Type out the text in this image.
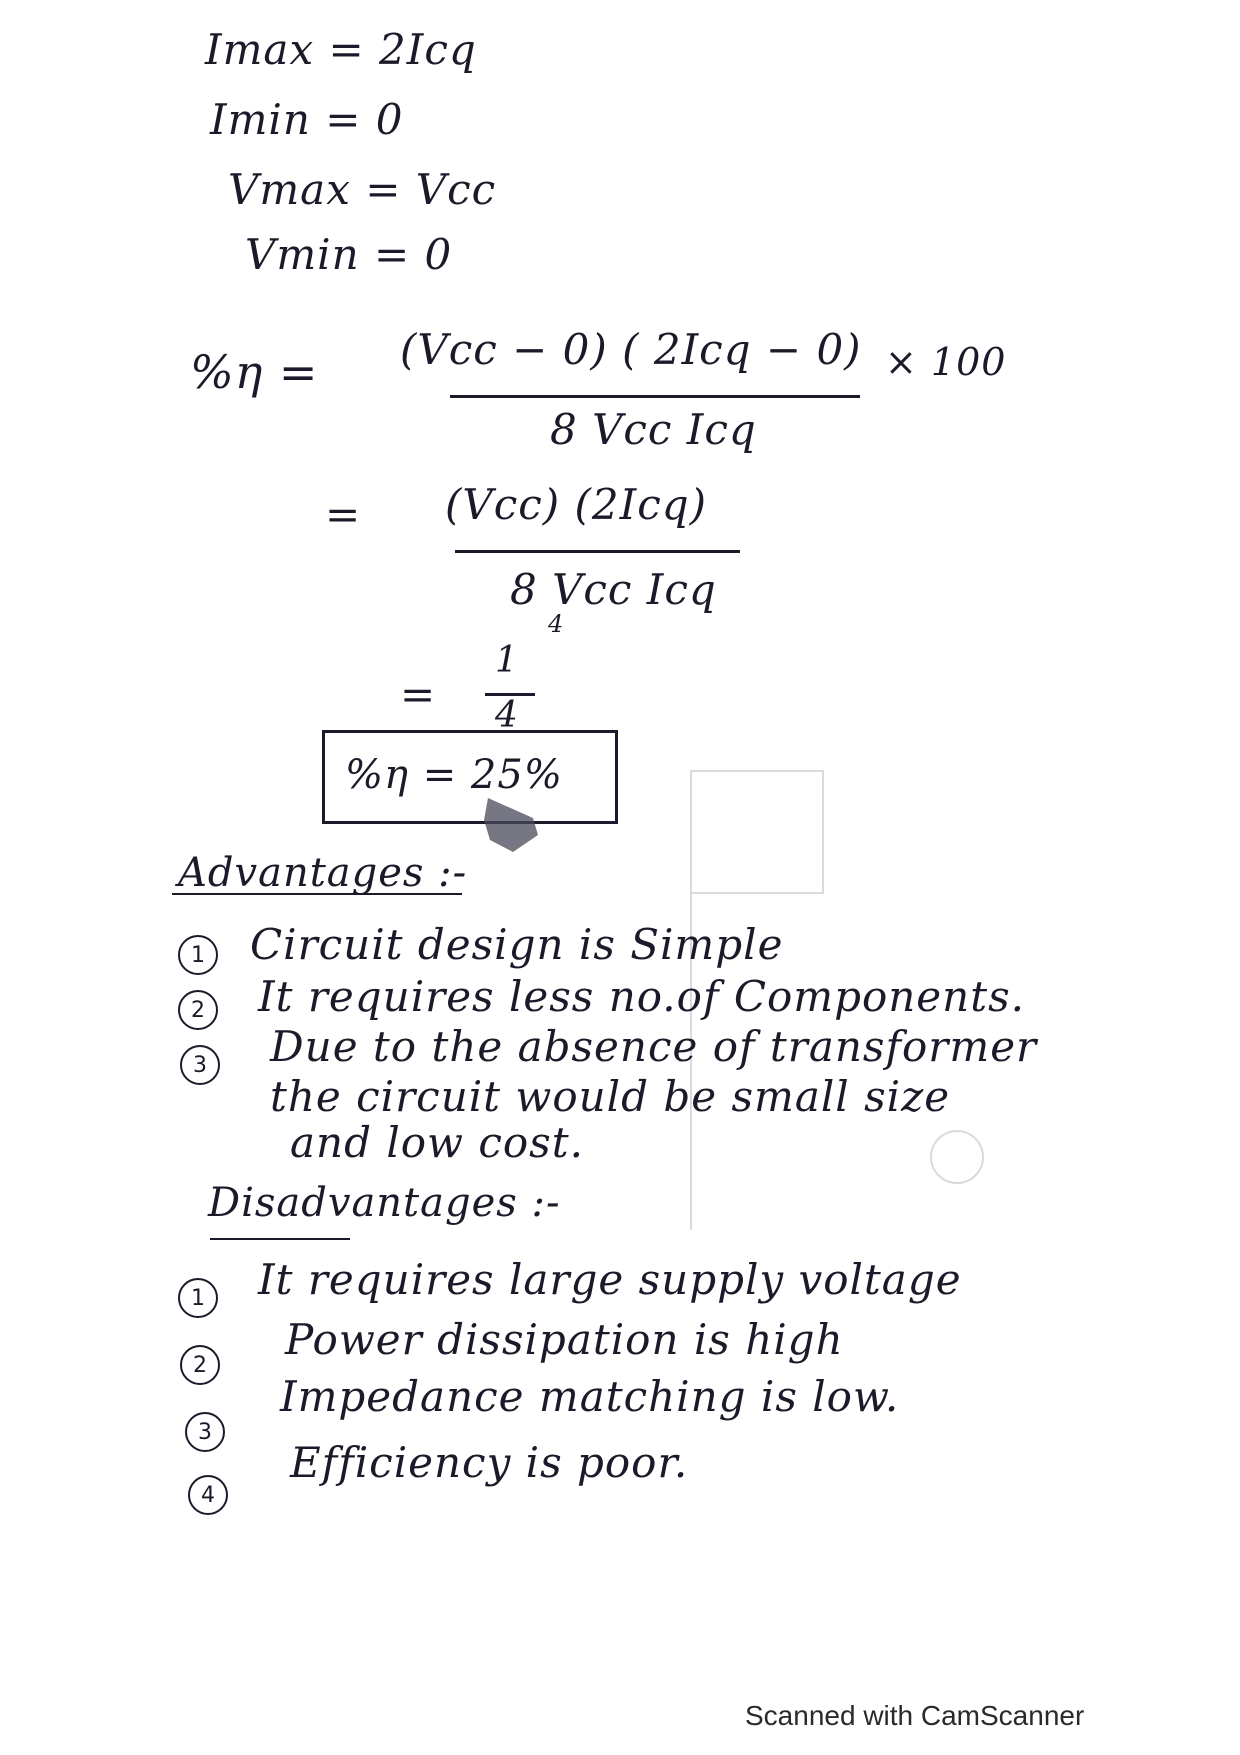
Imax = 2Icq
Imin = 0
Vmax = Vcc
Vmin = 0
%η = (Vcc − 0) ( 2Icq − 0)
8 Vcc Icq
× 100
= (Vcc) (2Icq)
8 Vcc Icq
4
=
1
4
%η = 25%
Advantages :-
1 Circuit design is Simple
2 It requires less no.of Components.
3 Due to the absence of transformer
the circuit would be small size
and low cost.
Disadvantages :-
1 It requires large supply voltage
2
Power dissipation is high
3
Impedance matching is low.
4
Efficiency is poor.
Scanned with CamScanner
